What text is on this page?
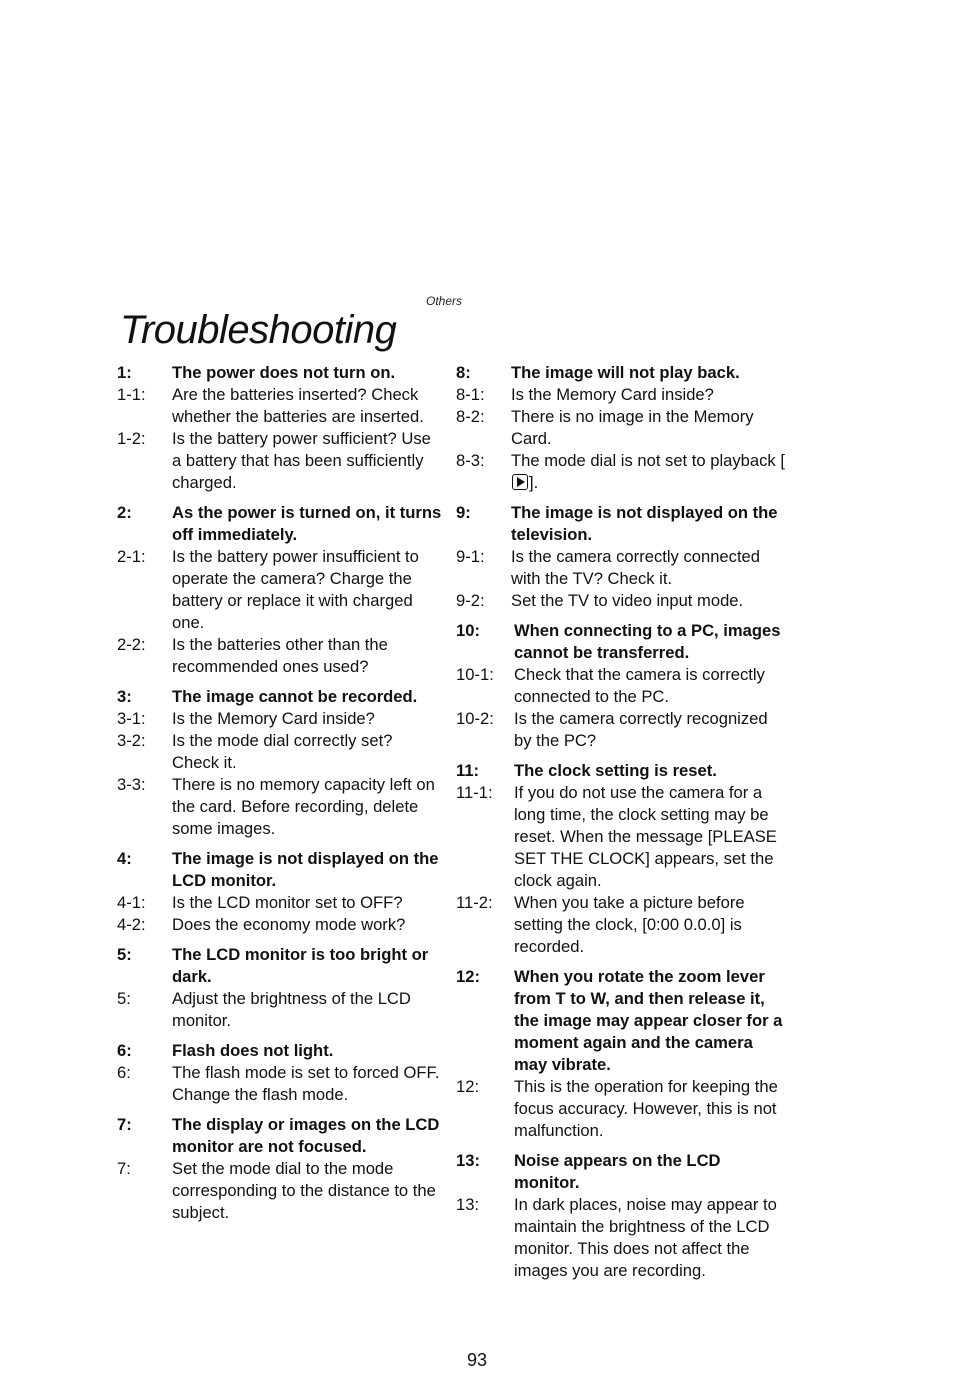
Others
Troubleshooting
1:	The power does not turn on.
1-1:	Are the batteries inserted? Check whether the batteries are inserted.
1-2:	Is the battery power sufficient? Use a battery that has been sufficiently charged.
2:	As the power is turned on, it turns off immediately.
2-1:	Is the battery power insufficient to operate the camera? Charge the battery or replace it with charged one.
2-2:	Is the batteries other than the recommended ones used?
3:	The image cannot be recorded.
3-1:	Is the Memory Card inside?
3-2:	Is the mode dial correctly set? Check it.
3-3:	There is no memory capacity left on the card. Before recording, delete some images.
4:	The image is not displayed on the LCD monitor.
4-1:	Is the LCD monitor set to OFF?
4-2:	Does the economy mode work?
5:	The LCD monitor is too bright or dark.
5:	Adjust the brightness of the LCD monitor.
6:	Flash does not light.
6:	The flash mode is set to forced OFF. Change the flash mode.
7:	The display or images on the LCD monitor are not focused.
7:	Set the mode dial to the mode corresponding to the distance to the subject.
8:	The image will not play back.
8-1:	Is the Memory Card inside?
8-2:	There is no image in the Memory Card.
8-3:	The mode dial is not set to playback [].
9:	The image is not displayed on the television.
9-1:	Is the camera correctly connected with the TV? Check it.
9-2:	Set the TV to video input mode.
10:	When connecting to a PC, images cannot be transferred.
10-1:	Check that the camera is correctly connected to the PC.
10-2:	Is the camera correctly recognized by the PC?
11:	The clock setting is reset.
11-1:	If you do not use the camera for a long time, the clock setting may be reset. When the message [PLEASE SET THE CLOCK] appears, set the clock again.
11-2:	When you take a picture before setting the clock, [0:00 0.0.0] is recorded.
12:	When you rotate the zoom lever from T to W, and then release it, the image may appear closer for a moment again and the camera may vibrate.
12:	This is the operation for keeping the focus accuracy. However, this is not malfunction.
13:	Noise appears on the LCD monitor.
13:	In dark places, noise may appear to maintain the brightness of the LCD monitor. This does not affect the images you are recording.
93
